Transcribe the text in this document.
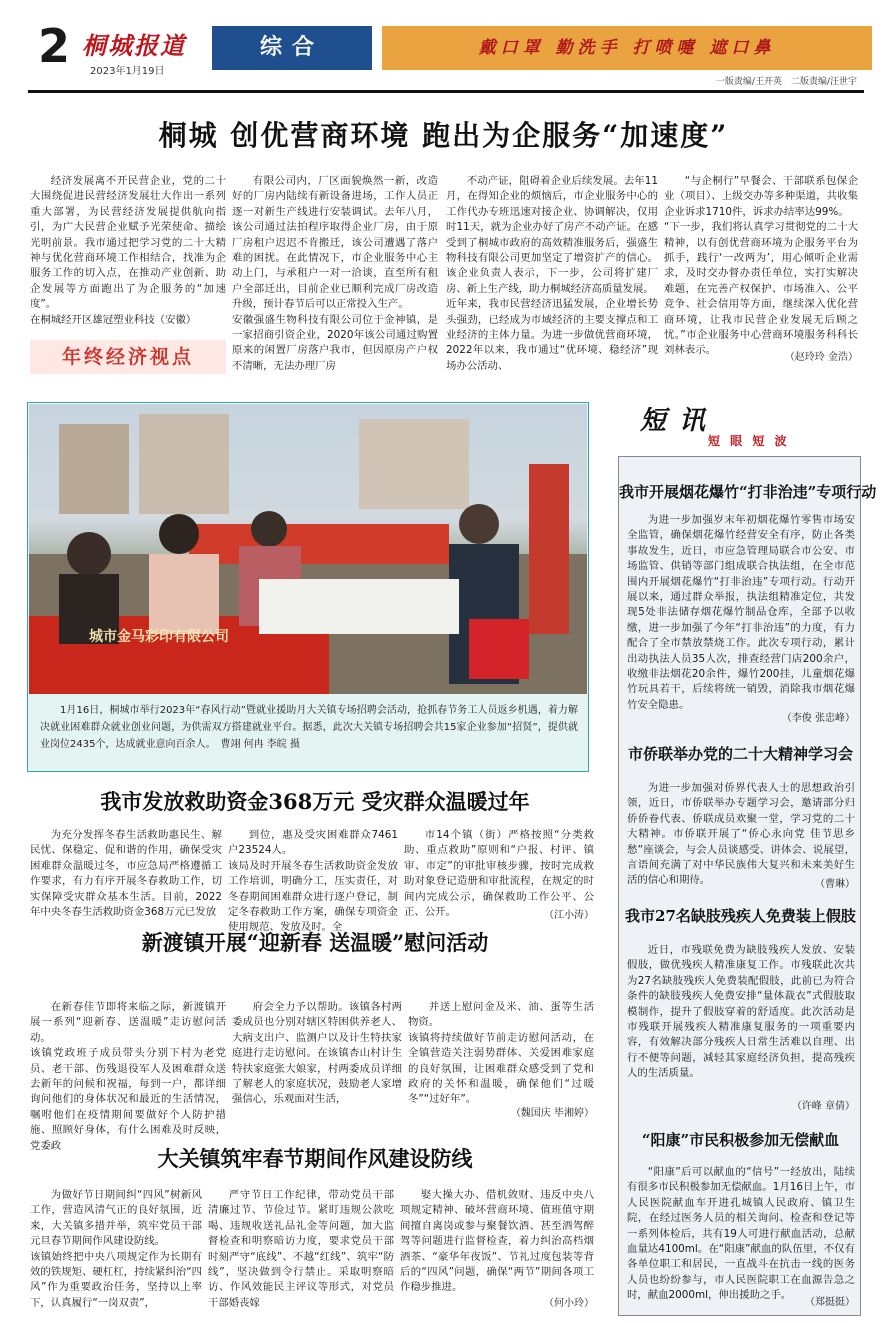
2 桐城报道
2023年1月19日
综合	戴口罩 勤洗手 打喷嚏 遮口鼻
一版责编/王开英　二版责编/汪世宇
桐城 创优营商环境 跑出为企服务“加速度”
经济发展离不开民营企业，党的二十大围绕促进民营经济发展壮大作出一系列重大部署，为民营经济发展提供航向指引，为广大民营企业赋予光荣使命、描绘光明前景。我市通过把学习党的二十大精神与优化营商环境工作相结合，找准为企服务工作的切入点，在推动产业创新、助企发展等方面跑出了为企服务的“加速度”。
在桐城经开区雄冠塑业科技（安徽）
年终经济视点
有限公司内，厂区面貌焕然一新，改造好的厂房内陆续有新设备进场，工作人员正逐一对新生产线进行安装调试。去年八月，该公司通过法拍程序取得企业厂房，由于原厂房租户迟迟不肯搬迁，该公司遭遇了落户难的困扰。在此情况下，市企业服务中心主动上门，与承租户一对一洽谈，直至所有租户全部迁出，目前企业已顺利完成厂房改造升级，预计春节后可以正常投入生产。
安徽强盛生物科技有限公司位于金神镇，是一家招商引资企业，2020年该公司通过购置原来的闲置厂房落户我市，但因原房产户权不清晰，无法办理厂房
不动产证，阻碍着企业后续发展。去年11月，在得知企业的烦恼后，市企业服务中心的工作代办专班迅速对接企业、协调解决，仅用时11天，就为企业办好了房产不动产证。在感受到了桐城市政府的高效精准服务后，强盛生物科技有限公司更加坚定了增资扩产的信心。该企业负责人表示，下一步，公司将扩建厂房、新上生产线，助力桐城经济高质量发展。
近年来，我市民营经济迅猛发展，企业增长势头强劲，已经成为市域经济的主要支撑点和工业经济的主体力量。为进一步做优营商环境，2022年以来，我市通过“优环境、稳经济”现场办公活动、
“与企桐行”早餐会、干部联系包保企业（项目）、上级交办等多种渠道，共收集企业诉求1710件，诉求办结率达99%。
“下一步，我们将认真学习贯彻党的二十大精神，以有创优营商环境为企服务平台为抓手，践行‘一改两为’，用心倾听企业需求，及时交办督办责任单位，实打实解决难题，在完善产权保护、市场准入、公平竞争、社会信用等方面，继续深入优化营商环境，让我市民营企业发展无后顾之忧。”市企业服务中心营商环境服务科科长刘林表示。
（赵玲玲 金浩）
城市金马彩印有限公司
1月16日，桐城市举行2023年“春风行动”暨就业援助月大关镇专场招聘会活动，抢抓春节务工人员返乡机遇，着力解决就业困难群众就业创业问题，为供需双方搭建就业平台。据悉，此次大关镇专场招聘会共15家企业参加“招贤”，提供就业岗位2435个，达成就业意向百余人。　曹翊 何冉 李皖 摄
短 讯
短 眼 短 波
我市开展烟花爆竹“打非治违”专项行动
为进一步加强岁末年初烟花爆竹零售市场安全监管，确保烟花爆竹经营安全有序，防止各类事故发生，近日，市应急管理局联合市公安、市场监管、供销等部门组成联合执法组，在全市范围内开展烟花爆竹“打非治违”专项行动。行动开展以来，通过群众举报，执法组精准定位，共发现5处非法储存烟花爆竹制品仓库，全部予以收缴，进一步加强了今年“打非治违”的力度，有力配合了全市禁放禁烧工作。此次专项行动，累计出动执法人员35人次，排查经营门店200余户，收缴非法烟花20余件，爆竹200挂，儿童烟花爆竹玩具若干，后续将统一销毁，消除我市烟花爆竹安全隐患。
（李俊 张忠峰）
市侨联举办党的二十大精神学习会
为进一步加强对侨界代表人士的思想政治引领，近日，市侨联举办专题学习会，邀请部分归侨侨眷代表、侨联成员欢聚一堂，学习党的二十大精神。市侨联开展了“侨心永向党 佳节思乡愁”座谈会，与会人员谈感受、讲体会、说展望，言语间充满了对中华民族伟大复兴和未来美好生活的信心和期待。	（曹琳）
我市27名缺肢残疾人免费装上假肢
近日，市残联免费为缺肢残疾人发放、安装假肢，做优残疾人精准康复工作。市残联此次共为27名缺肢残疾人免费装配假肢，此前已为符合条件的缺肢残疾人免费安排“量体裁衣”式假肢取模制作，提升了假肢穿着的舒适度。此次活动是市残联开展残疾人精准康复服务的一项重要内容，有效解决部分残疾人日常生活难以自理、出行不便等问题，减轻其家庭经济负担，提高残疾人的生活质量。
（许峰 章倩）
“阳康”市民积极参加无偿献血
“阳康”后可以献血的“信号”一经放出，陆续有很多市民积极参加无偿献血。1月16日上午，市人民医院献血车开进孔城镇人民政府、镇卫生院，在经过医务人员的相关询问、检查和登记等一系列体检后，共有19人可进行献血活动，总献血量达4100ml。在“阳康”献血的队伍里，不仅有各单位职工和居民，一直战斗在抗击一线的医务人员也纷纷参与，市人民医院职工在血源告急之时，献血2000ml，伸出援助之手。
（郑挺挺）
我市发放救助资金368万元 受灾群众温暖过年
为充分发挥冬春生活救助惠民生、解民忧、保稳定、促和谐的作用，确保受灾困难群众温暖过冬，市应急局严格遵循工作要求，有力有序开展冬春救助工作，切实保障受灾群众基本生活。目前，2022年中央冬春生活救助资金368万元已发放
到位，惠及受灾困难群众7461户23524人。
该局及时开展冬春生活救助资金发放工作培训，明确分工，压实责任，对冬春期间困难群众进行逐户登记，制定冬春救助工作方案，确保专项资金使用规范、发放及时。全
市14个镇（街）严格按照“分类救助、重点救助”原则和“户报、村评、镇审、市定”的审批审核步骤，按时完成救助对象登记造册和审批流程，在规定的时间内完成公示，确保救助工作公平、公正、公开。	（江小涛）
新渡镇开展“迎新春 送温暖”慰问活动
在新春佳节即将来临之际，新渡镇开展一系列“迎新春、送温暖”走访慰问活动。
该镇党政班子成员带头分别下村为老党员、老干部、伤残退役军人及困难群众送去新年的问候和祝福，每到一户，都详细询问他们的身体状况和最近的生活情况，嘱咐他们在疫情期间要做好个人防护措施、照顾好身体，有什么困难及时反映，党委政
府会全力予以帮助。该镇各村两委成员也分别对辖区特困供养老人、大病支出户、监测户以及计生特扶家庭进行走访慰问。在该镇杏山村计生特扶家庭张大娘家，村两委成员详细了解老人的家庭状况，鼓励老人家增强信心，乐观面对生活，
并送上慰问金及米、油、蛋等生活物资。
该镇将持续做好节前走访慰问活动，在全镇营造关注弱势群体、关爱困难家庭的良好氛围，让困难群众感受到了党和政府的关怀和温暖，确保他们“过暖冬”“过好年”。
（魏国庆 毕湘婷）
大关镇筑牢春节期间作风建设防线
为做好节日期间纠“四风”树新风工作，营造风清气正的良好氛围，近来，大关镇多措并举，筑牢党员干部元旦春节期间作风建设防线。
该镇始终把中央八项规定作为长期有效的铁规矩、硬杠杠，持续紧纠治“四风”作为重要政治任务，坚持以上率下，认真履行“一岗双责”，
严守节日工作纪律，带动党员干部清廉过节、节俭过节。紧盯违规公款吃喝、违规收送礼品礼金等问题，加大监督检查和明察暗访力度，要求党员干部时刻严守“底线”、不越“红线”、筑牢“防线”，坚决做到令行禁止。采取明察暗访、作风效能民主评议等形式，对党员干部婚丧嫁
娶大操大办、借机敛财、违反中央八项规定精神、破坏营商环境、值班值守期间擅自离岗或参与聚餐饮酒、甚至酒驾醉驾等问题进行监督检查，着力纠治高档烟酒茶、“豪华年夜饭”、节礼过度包装等背后的“四风”问题，确保“两节”期间各项工作稳步推进。
（何小玲）
